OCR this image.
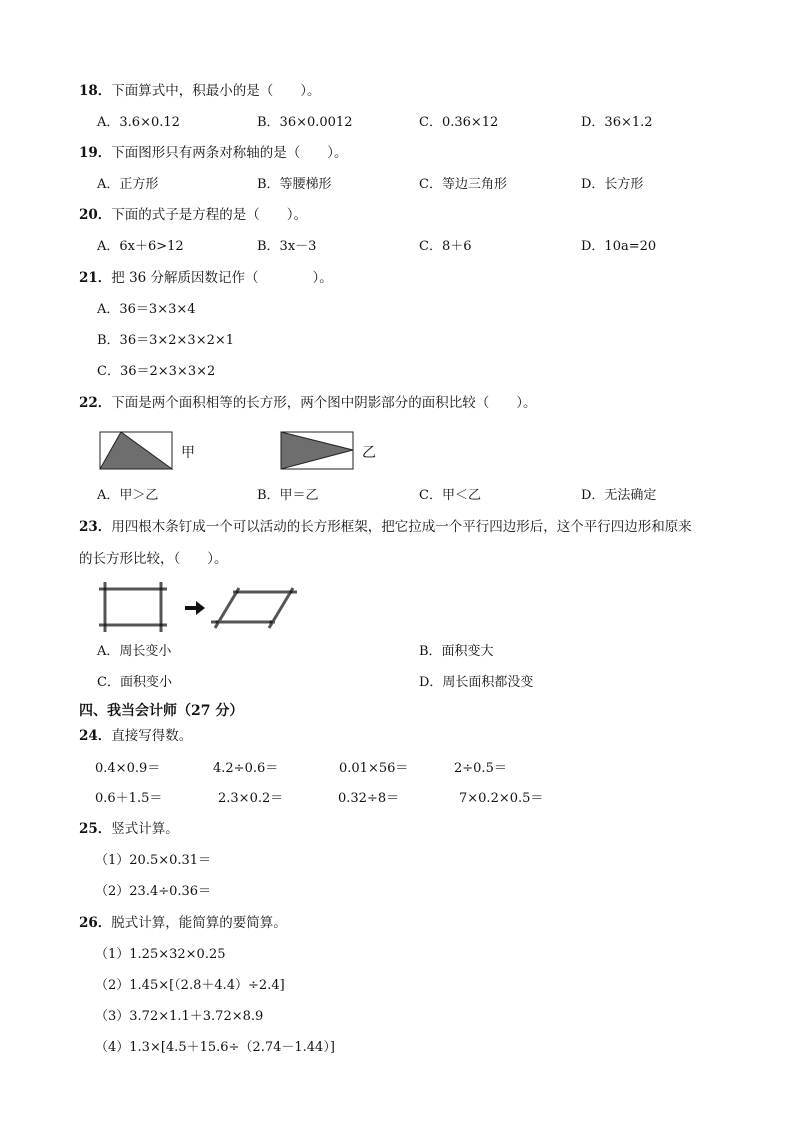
18．下面算式中，积最小的是（　　）。
A．3.6×0.12	B．36×0.0012	C．0.36×12	D．36×1.2
19．下面图形只有两条对称轴的是（　　）。
A．正方形	B．等腰梯形	C．等边三角形	D．长方形
20．下面的式子是方程的是（　　）。
A．6x＋6>12	B．3x－3	C．8＋6	D．10a=20
21．把 36 分解质因数记作（　　　　）。
A．36＝3×3×4
B．36＝3×2×3×2×1
C．36＝2×3×3×2
22．下面是两个面积相等的长方形，两个图中阴影部分的面积比较（　　）。
甲	乙
A．甲＞乙	B．甲＝乙	C．甲＜乙	D．无法确定
23．用四根木条钉成一个可以活动的长方形框架，把它拉成一个平行四边形后，这个平行四边形和原来
的长方形比较，（　　）。
A．周长变小	B．面积变大
C．面积变小	D．周长面积都没变
四、我当会计师（27 分）
24．直接写得数。
0.4×0.9＝	4.2÷0.6＝	0.01×56＝	2÷0.5＝
0.6＋1.5＝	2.3×0.2＝	0.32÷8＝	7×0.2×0.5＝
25．竖式计算。
（1）20.5×0.31＝
（2）23.4÷0.36＝
26．脱式计算，能简算的要简算。
（1）1.25×32×0.25
（2）1.45×[（2.8＋4.4）÷2.4]
（3）3.72×1.1＋3.72×8.9
（4）1.3×[4.5＋15.6÷（2.74－1.44）]
